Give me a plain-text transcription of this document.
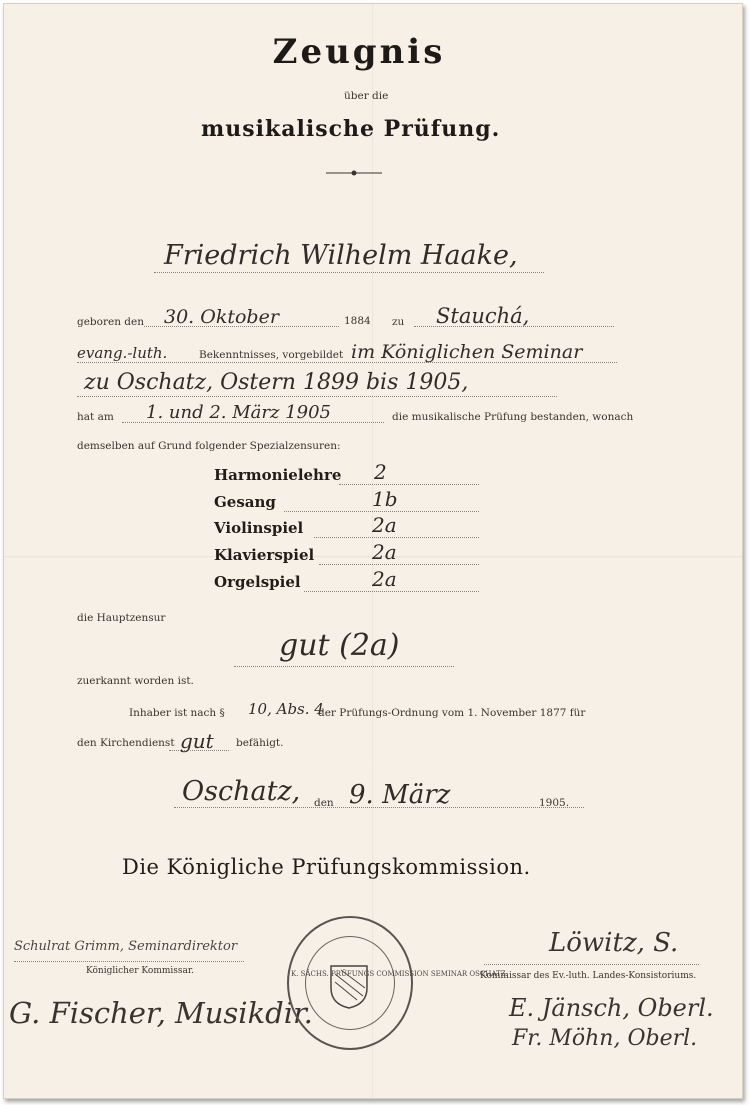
Zeugnis
über die
musikalische Prüfung.
Friedrich Wilhelm Haake,
geboren den 30. Oktober	1884 zu Stauchá,
evang.-luth.	Bekenntnisses, vorgebildet im Königlichen Seminar
zu Oschatz, Ostern 1899 bis 1905,
hat am 1. und 2. März 1905	die musikalische Prüfung bestanden, wonach
demselben auf Grund folgender Spezialzensuren:
Harmonielehre 2
Gesang	1b
Violinspiel	2a
Klavierspiel	2a
Orgelspiel	2a
die Hauptzensur
gut (2a)
zuerkannt worden ist.
Inhaber ist nach § 10, Abs. 4
der Prüfungs-Ordnung vom 1. November 1877 für
den Kirchendienst gut befähigt.
Oschatz, den 9. März	1905.
Die Königliche Prüfungskommission.
Schulrat Grimm, Seminardirektor
Königlicher Kommissar.
G. Fischer, Musikdir.
K. SÄCHS. PRÜFUNGS COMMISSION SEMINAR OSCHATZ.
Löwitz, S.
Kommissar des Ev.-luth. Landes-Konsistoriums.
E. Jänsch, Oberl.
Fr. Möhn, Oberl.
